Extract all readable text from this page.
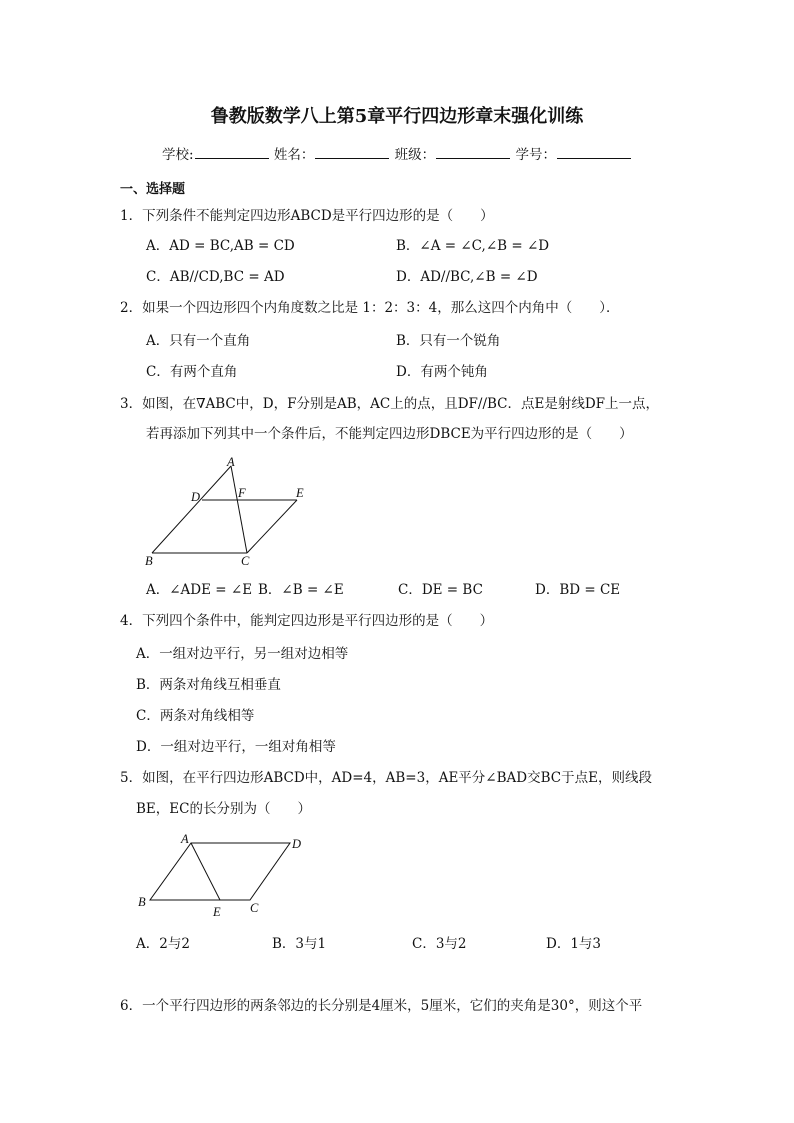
鲁教版数学八上第5章平行四边形章末强化训练
学校:	姓名：	班级：	学号：
一、选择题
1．下列条件不能判定四边形ABCD是平行四边形的是（　　）
A．AD = BC,AB = CD	B．∠A = ∠C,∠B = ∠D
C．AB//CD,BC = AD	D．AD//BC,∠B = ∠D
2．如果一个四边形四个内角度数之比是 1：2：3：4，那么这四个内角中（　　）．
A．只有一个直角	B．只有一个锐角
C．有两个直角	D．有两个钝角
3．如图，在∇ABC中，D，F分别是AB，AC上的点，且DF//BC．点E是射线DF上一点，
若再添加下列其中一个条件后，不能判定四边形DBCE为平行四边形的是（　　）
A
D	F	E
B	C
A．∠ADE = ∠E B．∠B = ∠E	C．DE = BC	D．BD = CE
4．下列四个条件中，能判定四边形是平行四边形的是（　　）
A．一组对边平行，另一组对边相等
B．两条对角线互相垂直
C．两条对角线相等
D．一组对边平行，一组对角相等
5．如图，在平行四边形ABCD中，AD=4，AB=3，AE平分∠BAD交BC于点E，则线段
BE，EC的长分别为（　　）
A	D
B
E C
A．2与2	B．3与1	C．3与2	D．1与3
6．一个平行四边形的两条邻边的长分别是4厘米，5厘米，它们的夹角是30°，则这个平
